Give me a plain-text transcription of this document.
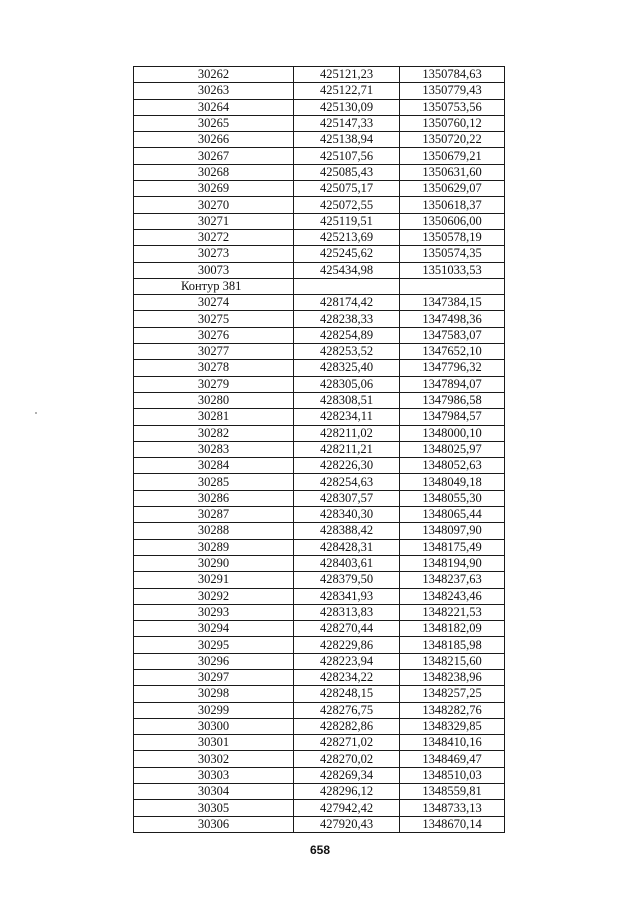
30262	425121,23	1350784,63
30263	425122,71	1350779,43
30264	425130,09	1350753,56
30265	425147,33	1350760,12
30266	425138,94	1350720,22
30267	425107,56	1350679,21
30268	425085,43	1350631,60
30269	425075,17	1350629,07
30270	425072,55	1350618,37
30271	425119,51	1350606,00
30272	425213,69	1350578,19
30273	425245,62	1350574,35
30073	425434,98	1351033,53
Контур 381		
30274	428174,42	1347384,15
30275	428238,33	1347498,36
30276	428254,89	1347583,07
30277	428253,52	1347652,10
30278	428325,40	1347796,32
30279	428305,06	1347894,07
30280	428308,51	1347986,58
30281	428234,11	1347984,57
30282	428211,02	1348000,10
30283	428211,21	1348025,97
30284	428226,30	1348052,63
30285	428254,63	1348049,18
30286	428307,57	1348055,30
30287	428340,30	1348065,44
30288	428388,42	1348097,90
30289	428428,31	1348175,49
30290	428403,61	1348194,90
30291	428379,50	1348237,63
30292	428341,93	1348243,46
30293	428313,83	1348221,53
30294	428270,44	1348182,09
30295	428229,86	1348185,98
30296	428223,94	1348215,60
30297	428234,22	1348238,96
30298	428248,15	1348257,25
30299	428276,75	1348282,76
30300	428282,86	1348329,85
30301	428271,02	1348410,16
30302	428270,02	1348469,47
30303	428269,34	1348510,03
30304	428296,12	1348559,81
30305	427942,42	1348733,13
30306	427920,43	1348670,14
658
